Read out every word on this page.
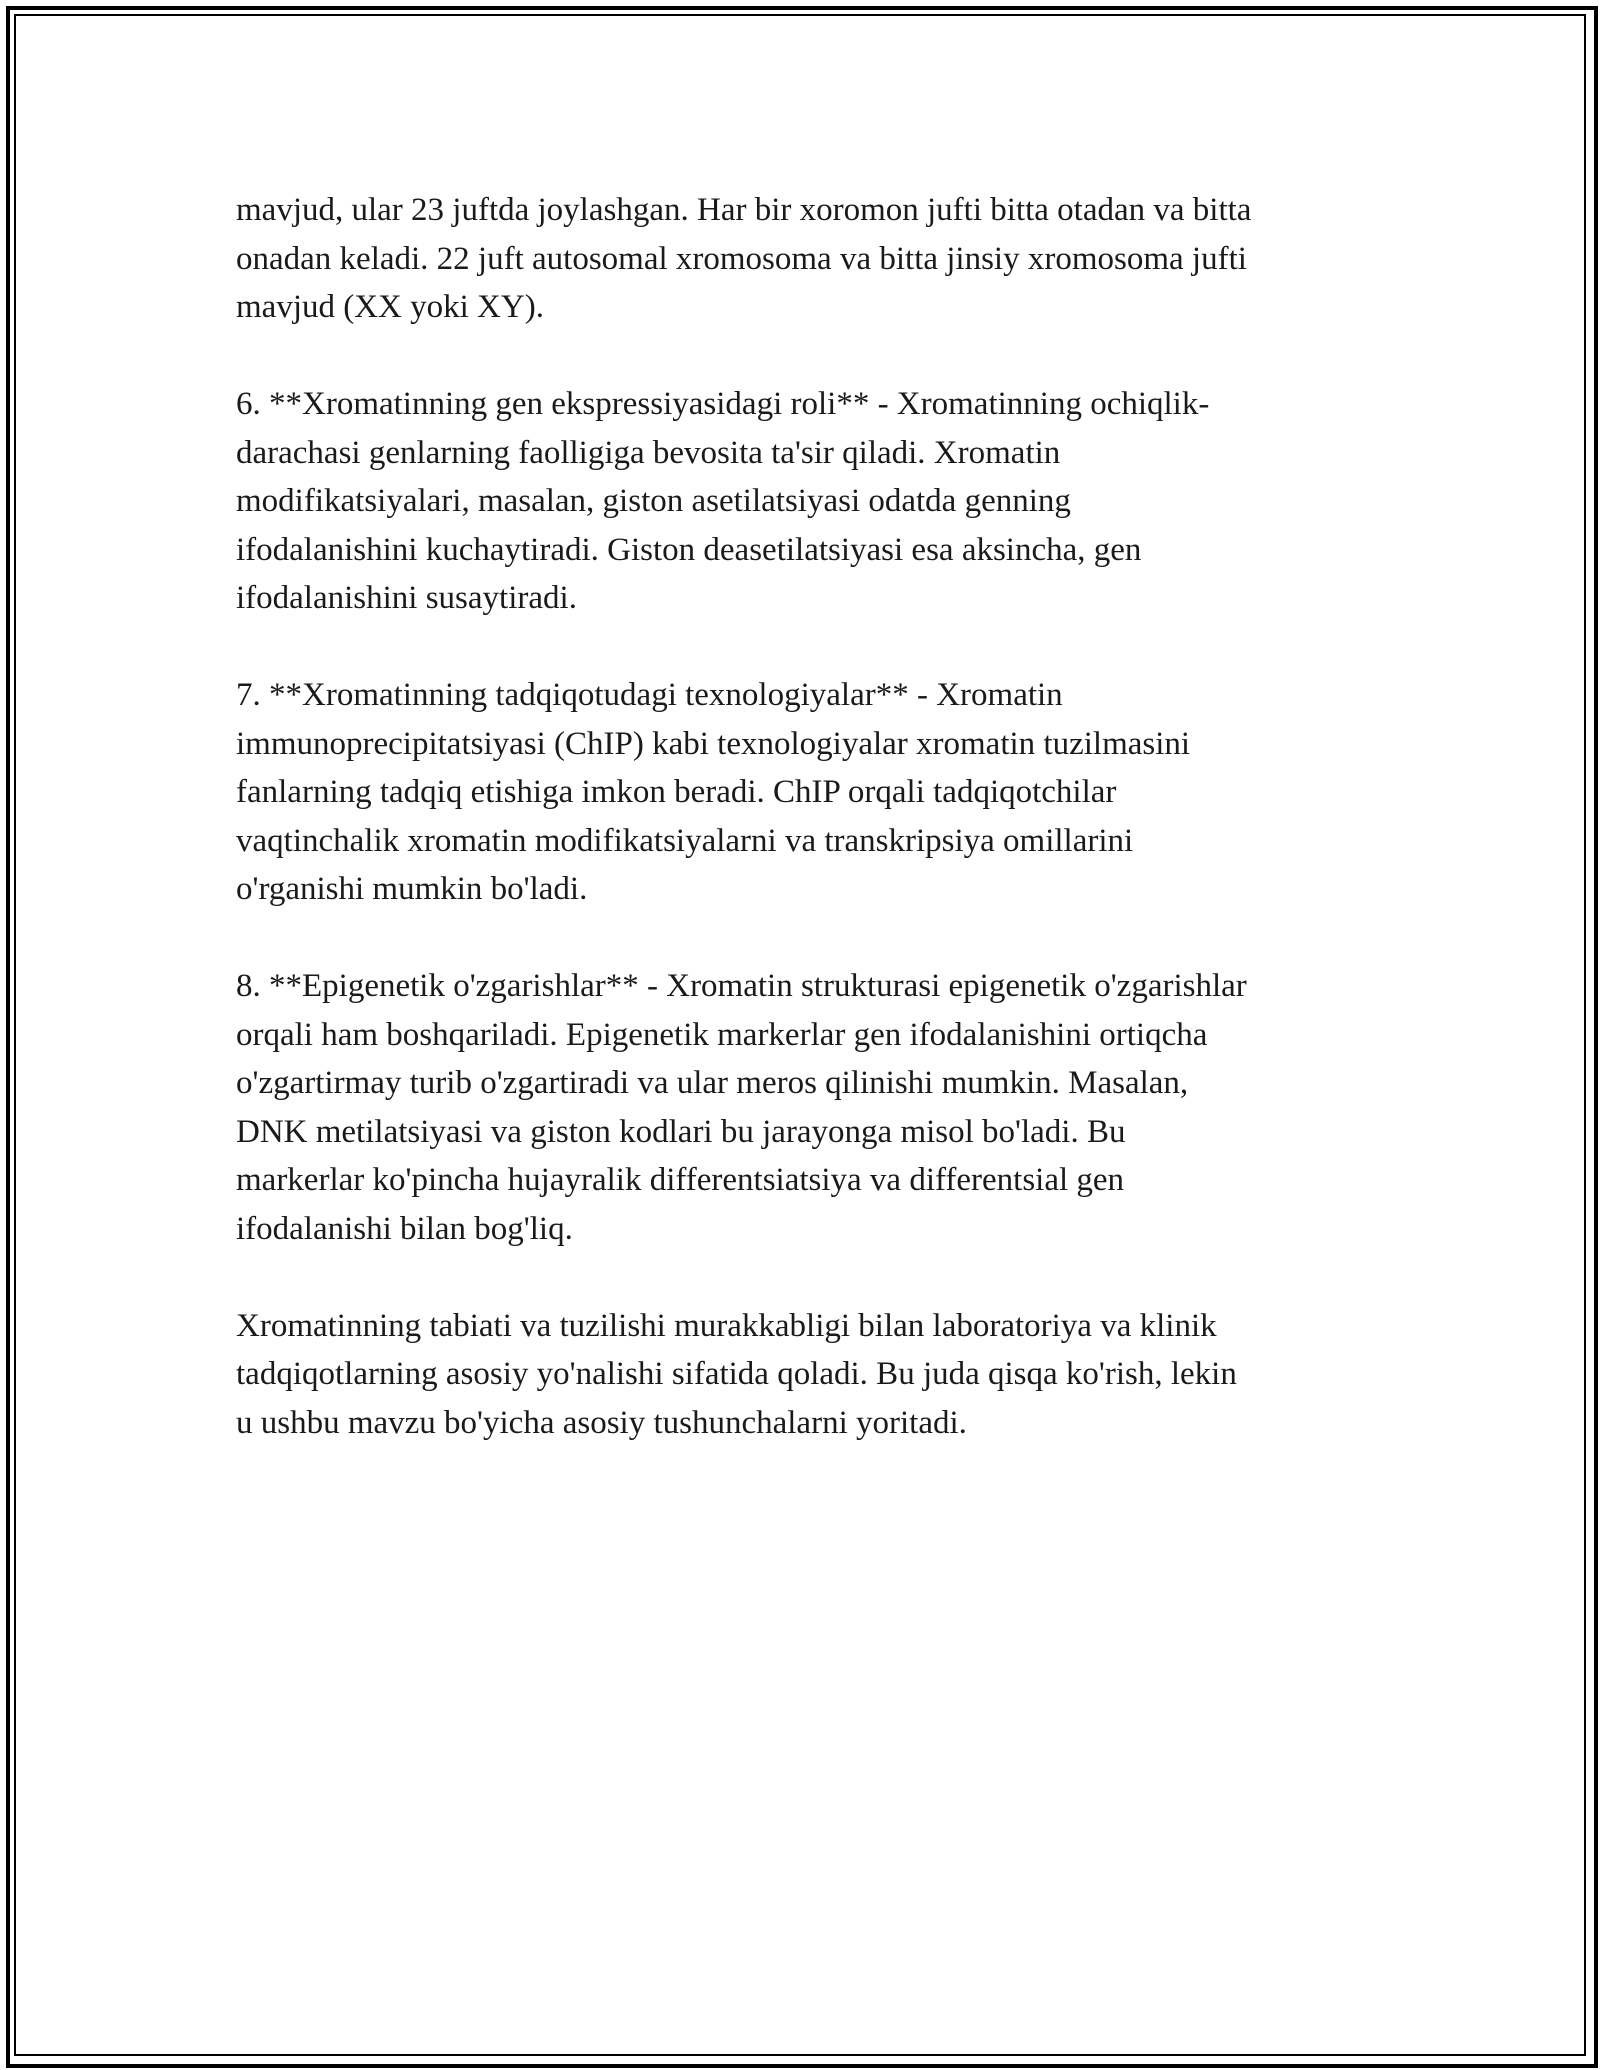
mavjud, ular 23 juftda joylashgan. Har bir xoromon jufti bitta otadan va bitta
onadan keladi. 22 juft autosomal xromosoma va bitta jinsiy xromosoma jufti
mavjud (XX yoki XY).

6. **Xromatinning gen ekspressiyasidagi roli** - Xromatinning ochiqlik-
darachasi genlarning faolligiga bevosita ta'sir qiladi. Xromatin
modifikatsiyalari, masalan, giston asetilatsiyasi odatda genning
ifodalanishini kuchaytiradi. Giston deasetilatsiyasi esa aksincha, gen
ifodalanishini susaytiradi.

7. **Xromatinning tadqiqotudagi texnologiyalar** - Xromatin
immunoprecipitatsiyasi (ChIP) kabi texnologiyalar xromatin tuzilmasini
fanlarning tadqiq etishiga imkon beradi. ChIP orqali tadqiqotchilar
vaqtinchalik xromatin modifikatsiyalarni va transkripsiya omillarini
o'rganishi mumkin bo'ladi.

8. **Epigenetik o'zgarishlar** - Xromatin strukturasi epigenetik o'zgarishlar
orqali ham boshqariladi. Epigenetik markerlar gen ifodalanishini ortiqcha
o'zgartirmay turib o'zgartiradi va ular meros qilinishi mumkin. Masalan,
DNK metilatsiyasi va giston kodlari bu jarayonga misol bo'ladi. Bu
markerlar ko'pincha hujayralik differentsiatsiya va differentsial gen
ifodalanishi bilan bog'liq.

Xromatinning tabiati va tuzilishi murakkabligi bilan laboratoriya va klinik
tadqiqotlarning asosiy yo'nalishi sifatida qoladi. Bu juda qisqa ko'rish, lekin
u ushbu mavzu bo'yicha asosiy tushunchalarni yoritadi.
